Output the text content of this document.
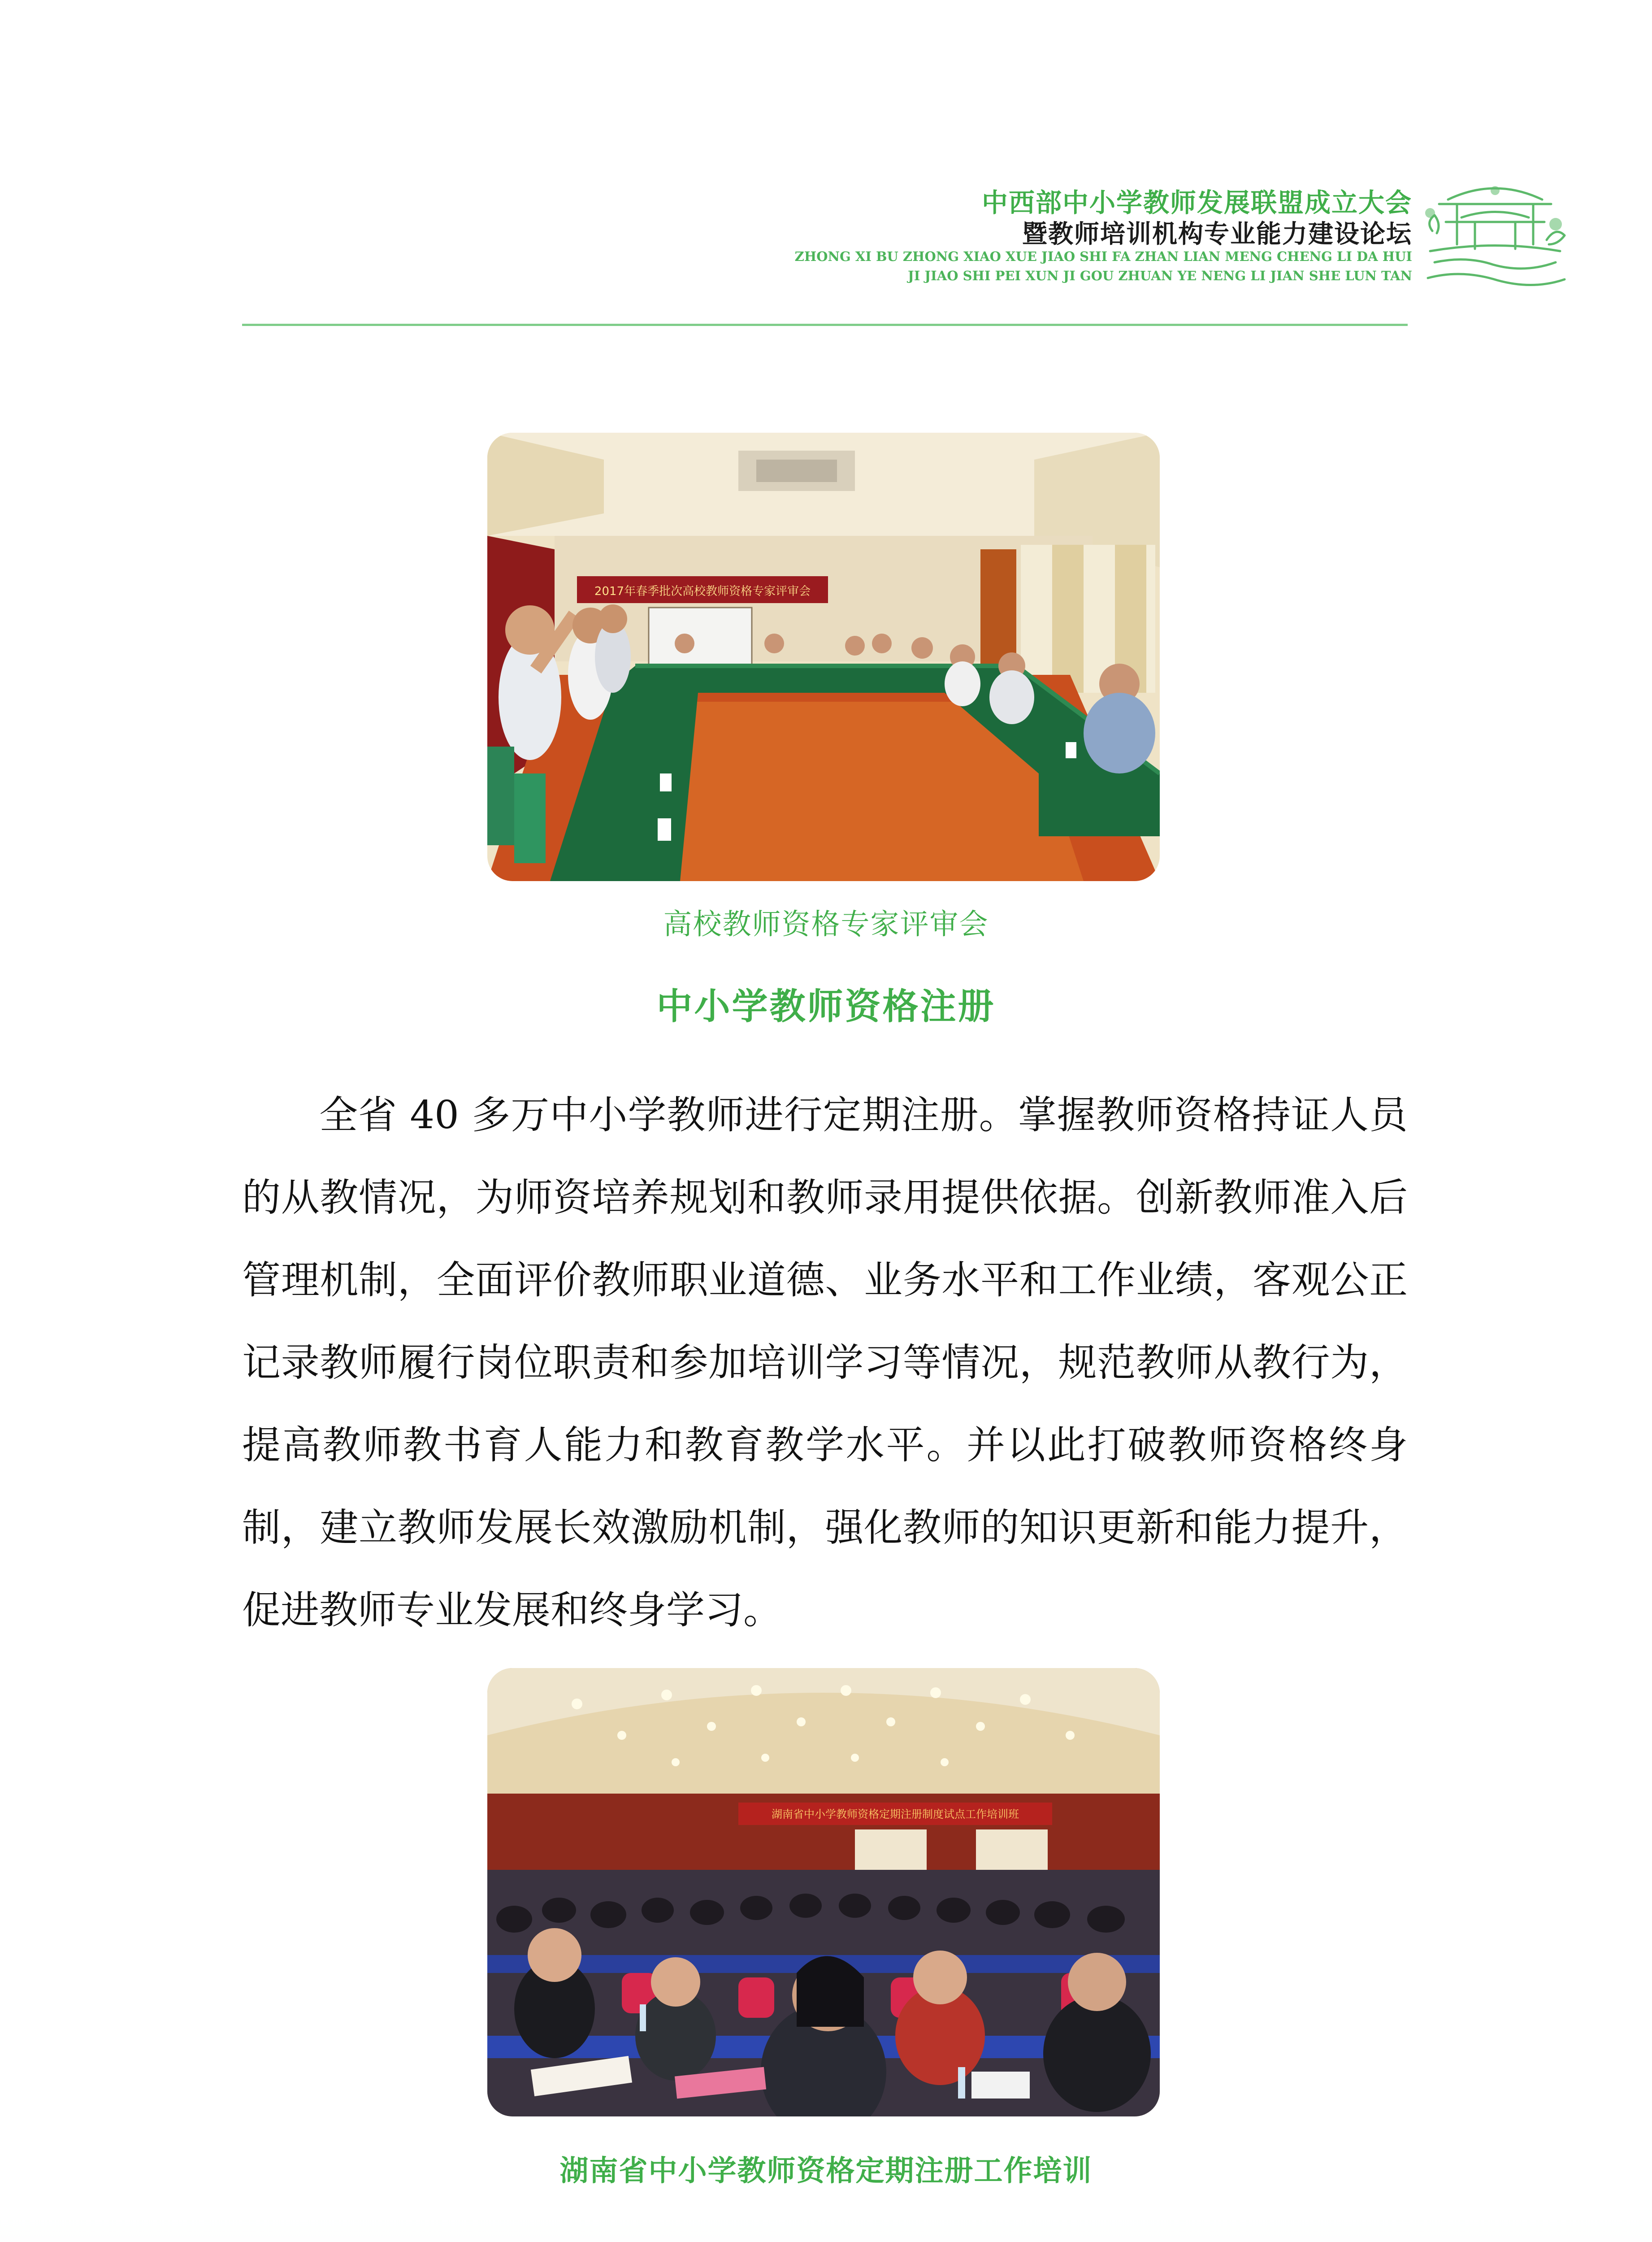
中西部中小学教师发展联盟成立大会
暨教师培训机构专业能力建设论坛
ZHONG XI BU ZHONG XIAO XUE JIAO SHI FA ZHAN LIAN MENG CHENG LI DA HUI
JI JIAO SHI PEI XUN JI GOU ZHUAN YE NENG LI JIAN SHE LUN TAN
2017年春季批次高校教师资格专家评审会
高校教师资格专家评审会
中小学教师资格注册

全省 40 多万中小学教师进行定期注册。掌握教师资格持证人员的从教情况，为师资培养规划和教师录用提供依据。创新教师准入后管理机制，全面评价教师职业道德、业务水平和工作业绩，客观公正记录教师履行岗位职责和参加培训学习等情况，规范教师从教行为，提高教师教书育人能力和教育教学水平。并以此打破教师资格终身制，建立教师发展长效激励机制，强化教师的知识更新和能力提升，促进教师专业发展和终身学习。

湖南省中小学教师资格定期注册制度试点工作培训班
湖南省中小学教师资格定期注册工作培训
